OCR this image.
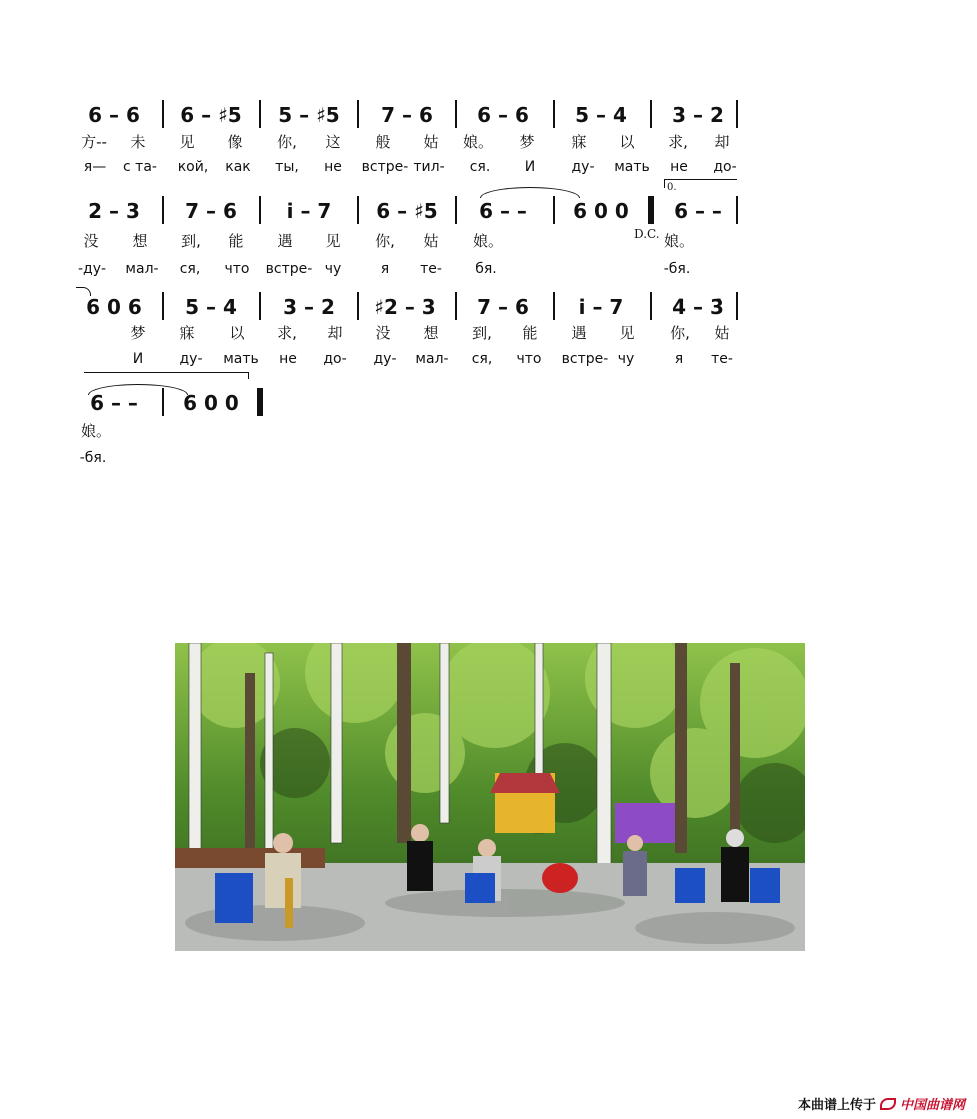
6 – 6 6 – ♯5 5 – ♯5 7 – 6 6 – 6 5 – 4 3 – 2
方-- 未 见 像 你, 这 般 姑 娘。 梦 寐 以 求, 却
я— с та- кой, как ты, не встре- тил- ся. И	ду- мать не до-
0.
2 – 3 7 – 6 i̇ – 7 6 – ♯5 6 – – 6 0 0 6 – –
D.C.
没 想 到, 能 遇 见 你, 姑 娘。	娘。
-ду- мал- ся, что встре- чу	я те- бя.	-бя.
6 0 6 5 – 4 3 – 2 ♯2 – 3 7 – 6 i̇ – 7 4̇ – 3̇
梦 寐 以 求, 却 没 想 到, 能 遇 见 你, 姑
И	ду- мать не до- ду- мал- ся, что встре- чу	я те-
6 – – 6 0 0
娘。
-бя.
本曲谱上传于 中国曲谱网
